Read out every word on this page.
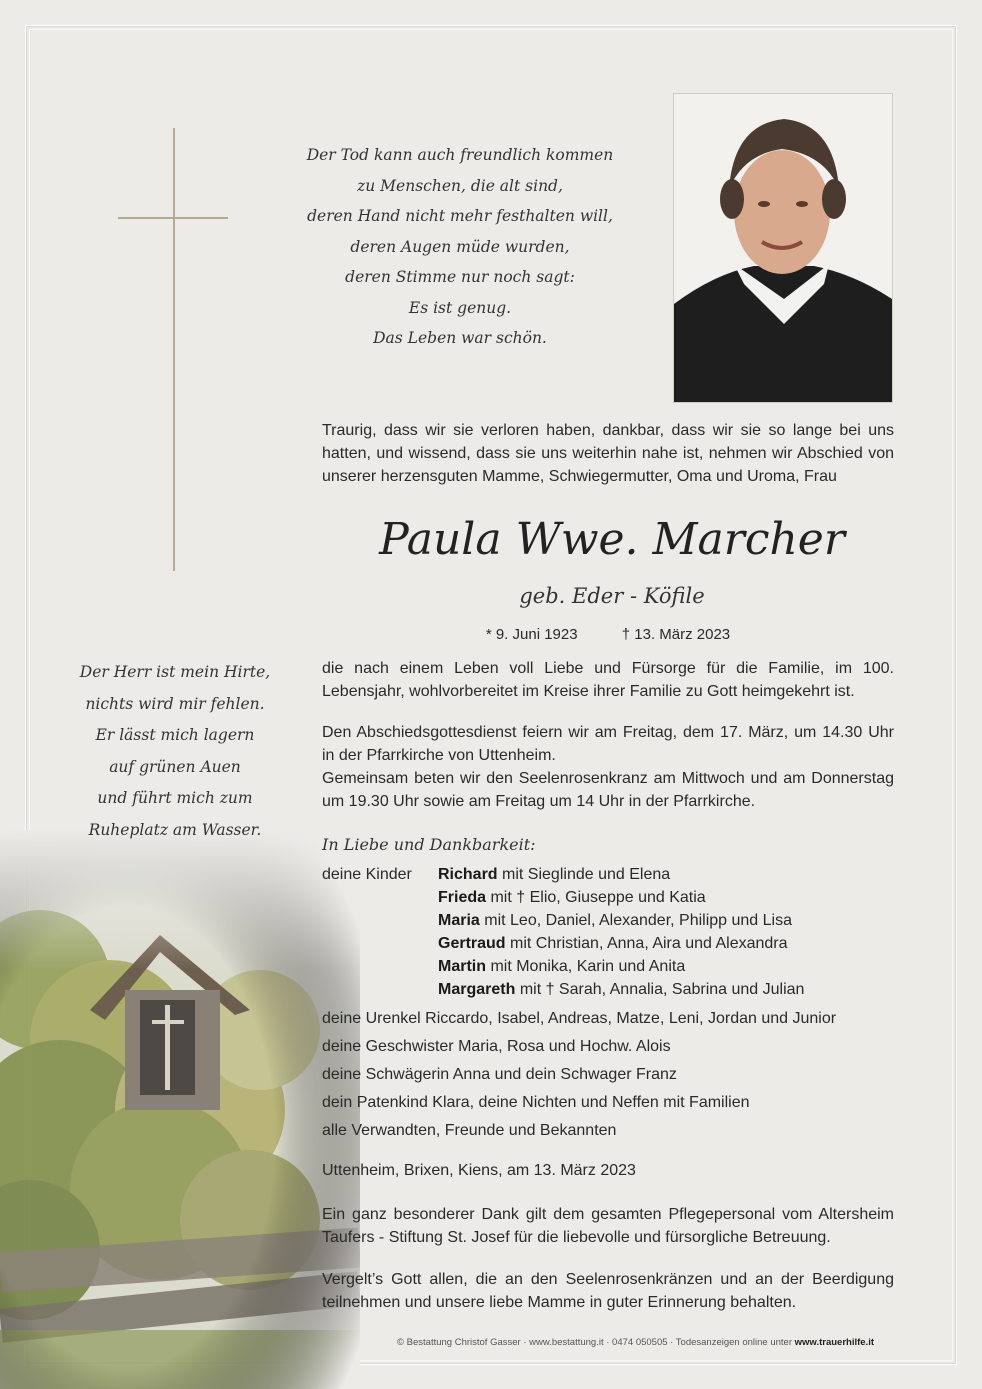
Der Tod kann auch freundlich kommen
zu Menschen, die alt sind,
deren Hand nicht mehr festhalten will,
deren Augen müde wurden,
deren Stimme nur noch sagt:
Es ist genug.
Das Leben war schön.
Traurig, dass wir sie verloren haben, dankbar, dass wir sie so lange bei uns hatten, und wissend, dass sie uns weiterhin nahe ist, nehmen wir Abschied von unserer herzensguten Mamme, Schwiegermutter, Oma und Uroma, Frau
Paula Wwe. Marcher
geb. Eder - Köfile
* 9. Juni 1923	† 13. März 2023
Der Herr ist mein Hirte,
nichts wird mir fehlen.
Er lässt mich lagern
auf grünen Auen
und führt mich zum
Ruheplatz am Wasser.
die nach einem Leben voll Liebe und Fürsorge für die Familie, im 100. Lebensjahr, wohlvorbereitet im Kreise ihrer Familie zu Gott heimgekehrt ist.
Den Abschiedsgottesdienst feiern wir am Freitag, dem 17. März, um 14.30 Uhr in der Pfarrkirche von Uttenheim.
Gemeinsam beten wir den Seelenrosenkranz am Mittwoch und am Donnerstag um 19.30 Uhr sowie am Freitag um 14 Uhr in der Pfarrkirche.
In Liebe und Dankbarkeit:
deine Kinder Richard mit Sieglinde und Elena
Frieda mit † Elio, Giuseppe und Katia
Maria mit Leo, Daniel, Alexander, Philipp und Lisa
Gertraud mit Christian, Anna, Aira und Alexandra
Martin mit Monika, Karin und Anita
Margareth mit † Sarah, Annalia, Sabrina und Julian
deine Urenkel Riccardo, Isabel, Andreas, Matze, Leni, Jordan und Junior
deine Geschwister Maria, Rosa und Hochw. Alois
deine Schwägerin Anna und dein Schwager Franz
dein Patenkind Klara, deine Nichten und Neffen mit Familien
alle Verwandten, Freunde und Bekannten
Uttenheim, Brixen, Kiens, am 13. März 2023
Ein ganz besonderer Dank gilt dem gesamten Pflegepersonal vom Altersheim Taufers - Stiftung St. Josef für die liebevolle und fürsorgliche Betreuung.
Vergelt’s Gott allen, die an den Seelenrosenkränzen und an der Beerdigung teilnehmen und unsere liebe Mamme in guter Erinnerung behalten.
© Bestattung Christof Gasser · www.bestattung.it · 0474 050505 · Todesanzeigen online unter www.trauerhilfe.it
